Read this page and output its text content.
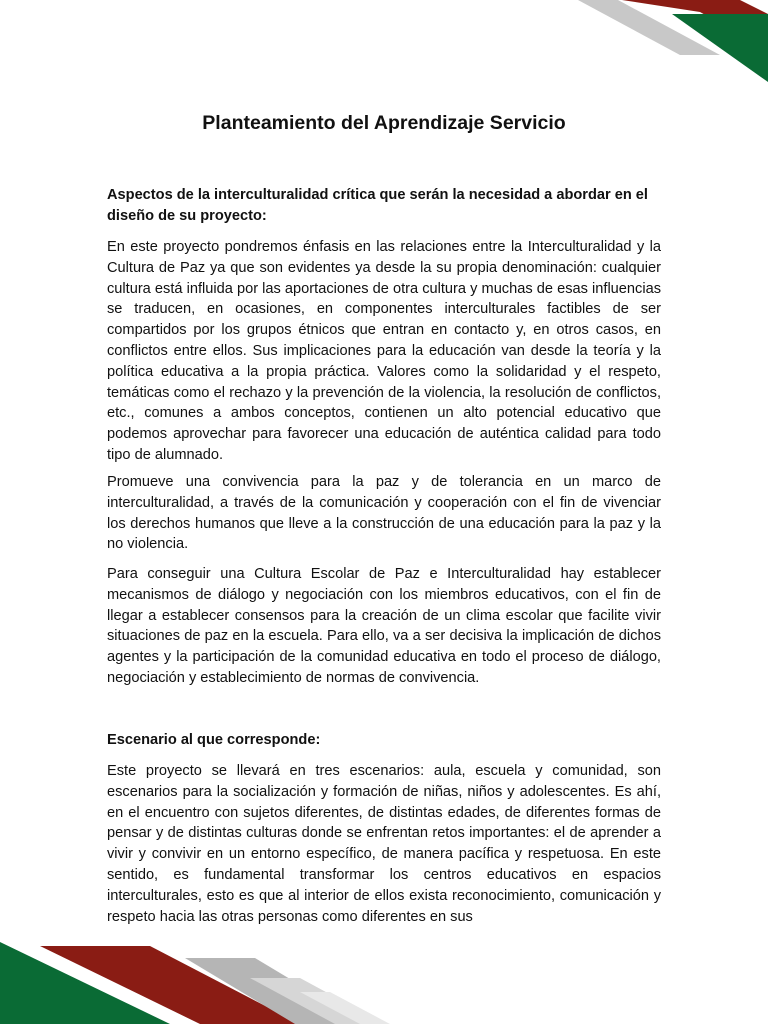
Planteamiento del Aprendizaje Servicio

Aspectos de la interculturalidad crítica que serán la necesidad a abordar en el diseño de su proyecto:

En este proyecto pondremos énfasis en las relaciones entre la Interculturalidad y la Cultura de Paz ya que son evidentes ya desde la su propia denominación: cualquier cultura está influida por las aportaciones de otra cultura y muchas de esas influencias se traducen, en ocasiones, en componentes interculturales factibles de ser compartidos por los grupos étnicos que entran en contacto y, en otros casos, en conflictos entre ellos. Sus implicaciones para la educación van desde la teoría y la política educativa a la propia práctica. Valores como la solidaridad y el respeto, temáticas como el rechazo y la prevención de la violencia, la resolución de conflictos, etc., comunes a ambos conceptos, contienen un alto potencial educativo que podemos aprovechar para favorecer una educación de auténtica calidad para todo tipo de alumnado.

Promueve una convivencia para la paz y de tolerancia en un marco de interculturalidad, a través de la comunicación y cooperación con el fin de vivenciar los derechos humanos que lleve a la construcción de una educación para la paz y la no violencia.

Para conseguir una Cultura Escolar de Paz e Interculturalidad hay establecer mecanismos de diálogo y negociación con los miembros educativos, con el fin de llegar a establecer consensos para la creación de un clima escolar que facilite vivir situaciones de paz en la escuela. Para ello, va a ser decisiva la implicación de dichos agentes y la participación de la comunidad educativa en todo el proceso de diálogo, negociación y establecimiento de normas de convivencia.

Escenario al que corresponde:

Este proyecto se llevará en tres escenarios: aula, escuela y comunidad, son escenarios para la socialización y formación de niñas, niños y adolescentes. Es ahí, en el encuentro con sujetos diferentes, de distintas edades, de diferentes formas de pensar y de distintas culturas donde se enfrentan retos importantes: el de aprender a vivir y convivir en un entorno específico, de manera pacífica y respetuosa. En este sentido, es fundamental transformar los centros educativos en espacios interculturales, esto es que al interior de ellos exista reconocimiento, comunicación y respeto hacia las otras personas como diferentes en sus
